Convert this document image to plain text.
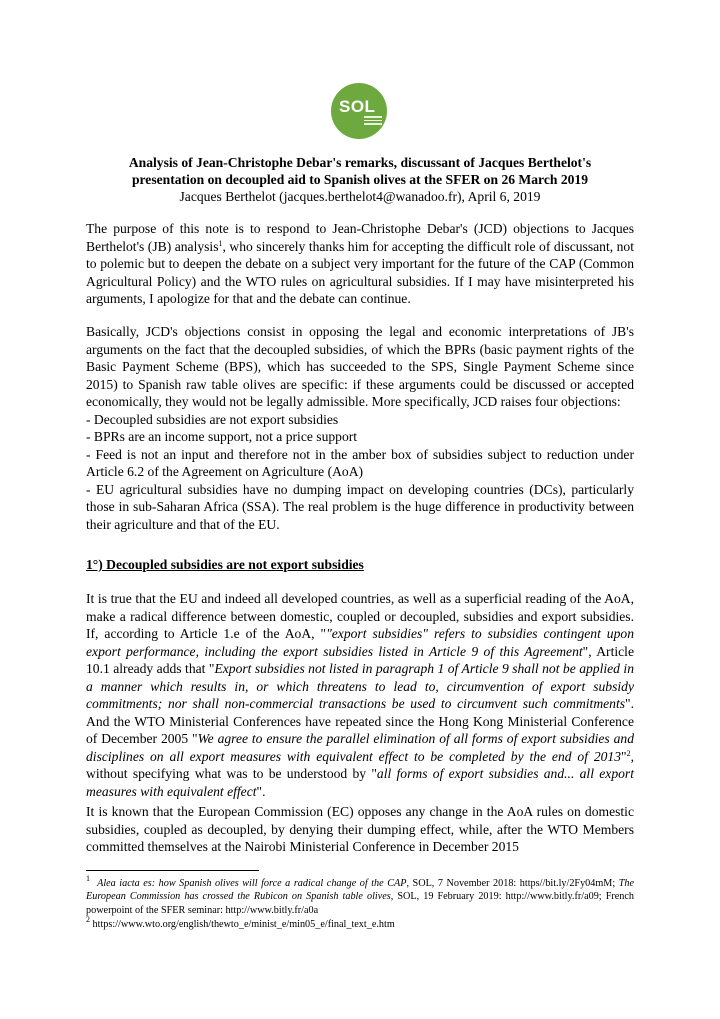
SOL
Analysis of Jean-Christophe Debar's remarks, discussant of Jacques Berthelot's
presentation on decoupled aid to Spanish olives at the SFER on 26 March 2019
Jacques Berthelot (jacques.berthelot4@wanadoo.fr), April 6, 2019
The purpose of this note is to respond to Jean-Christophe Debar's (JCD) objections to Jacques Berthelot's (JB) analysis$^1$, who sincerely thanks him for accepting the difficult role of discussant, not to polemic but to deepen the debate on a subject very important for the future of the CAP (Common Agricultural Policy) and the WTO rules on agricultural subsidies. If I may have misinterpreted his arguments, I apologize for that and the debate can continue.

Basically, JCD's objections consist in opposing the legal and economic interpretations of JB's arguments on the fact that the decoupled subsidies, of which the BPRs (basic payment rights of the Basic Payment Scheme (BPS), which has succeeded to the SPS, Single Payment Scheme since 2015) to Spanish raw table olives are specific: if these arguments could be discussed or accepted economically, they would not be legally admissible. More specifically, JCD raises four objections:

- Decoupled subsidies are not export subsidies

- BPRs are an income support, not a price support

- Feed is not an input and therefore not in the amber box of subsidies subject to reduction under Article 6.2 of the Agreement on Agriculture (AoA)

- EU agricultural subsidies have no dumping impact on developing countries (DCs), particularly those in sub-Saharan Africa (SSA). The real problem is the huge difference in productivity between their agriculture and that of the EU.

1°) Decoupled subsidies are not export subsidies
It is true that the EU and indeed all developed countries, as well as a superficial reading of the AoA, make a radical difference between domestic, coupled or decoupled, subsidies and export subsidies. If, according to Article 1.e of the AoA, ""export subsidies" refers to subsidies contingent upon export performance, including the export subsidies listed in Article 9 of this Agreement", Article 10.1 already adds that "Export subsidies not listed in paragraph 1 of Article 9 shall not be applied in a manner which results in, or which threatens to lead to, circumvention of export subsidy commitments; nor shall non-commercial transactions be used to circumvent such commitments". And the WTO Ministerial Conferences have repeated since the Hong Kong Ministerial Conference of December 2005 "We agree to ensure the parallel elimination of all forms of export subsidies and disciplines on all export measures with equivalent effect to be completed by the end of 2013"$^2$, without specifying what was to be understood by "all forms of export subsidies and... all export measures with equivalent effect".
It is known that the European Commission (EC) opposes any change in the AoA rules on domestic subsidies, coupled as decoupled, by denying their dumping effect, while, after the WTO Members committed themselves at the Nairobi Ministerial Conference in December 2015
$^1$ Alea iacta es: how Spanish olives will force a radical change of the CAP, SOL, 7 November 2018: https//bit.ly/2Fy04mM; The European Commission has crossed the Rubicon on Spanish table olives, SOL, 19 February 2019: http://www.bitly.fr/a09; French powerpoint of the SFER seminar: http://www.bitly.fr/a0a
$^2$ https://www.wto.org/english/thewto_e/minist_e/min05_e/final_text_e.htm
